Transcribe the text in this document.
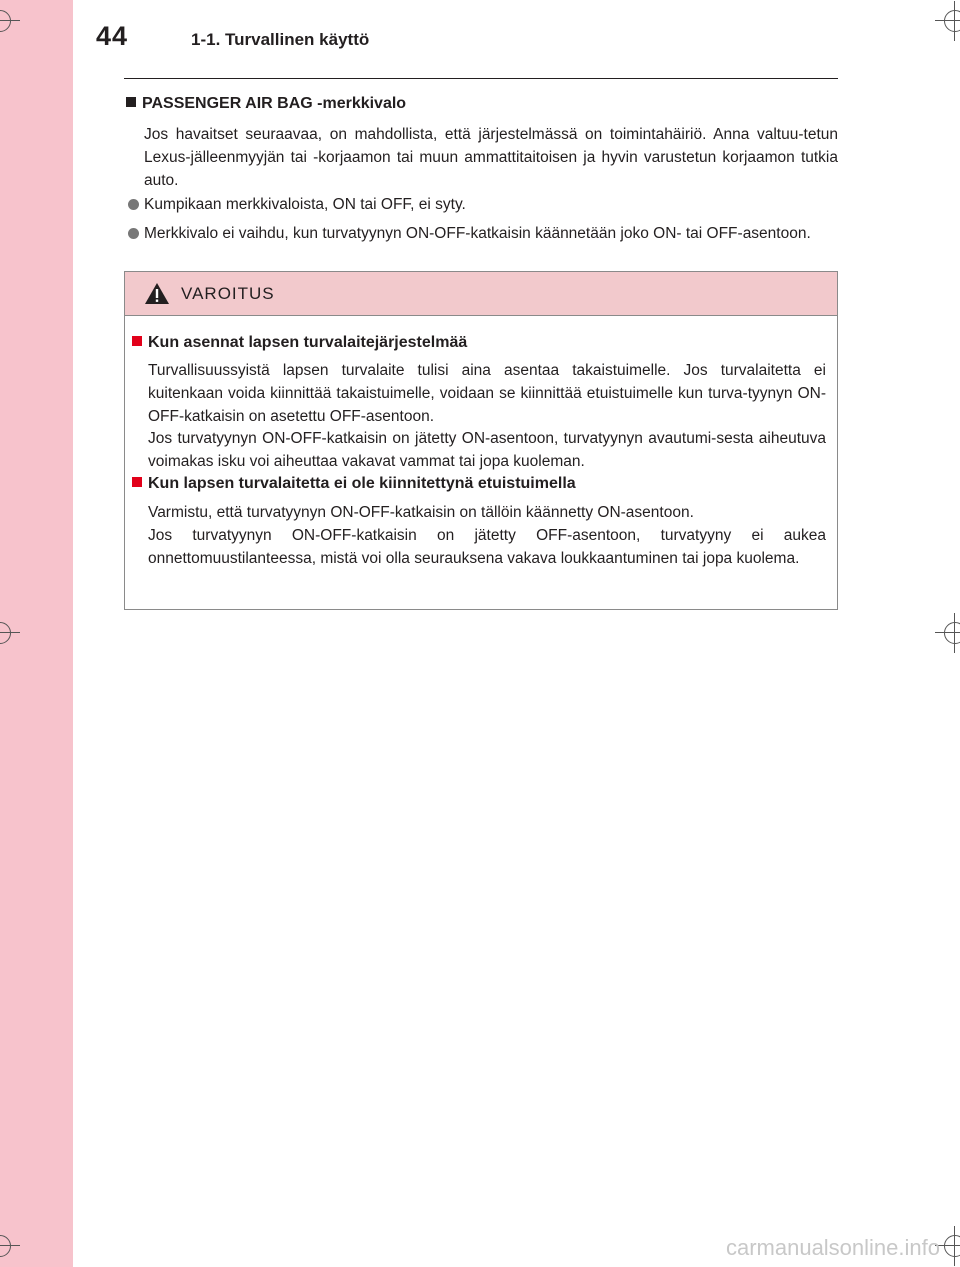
44	1-1. Turvallinen käyttö
PASSENGER AIR BAG -merkkivalo
Jos havaitset seuraavaa, on mahdollista, että järjestelmässä on toimintahäiriö. Anna valtuu-tetun Lexus-jälleenmyyjän tai -korjaamon tai muun ammattitaitoisen ja hyvin varustetun korjaamon tutkia auto.
Kumpikaan merkkivaloista, ON tai OFF, ei syty.
Merkkivalo ei vaihdu, kun turvatyynyn ON-OFF-katkaisin käännetään joko ON- tai OFF-asentoon.
VAROITUS
Kun asennat lapsen turvalaitejärjestelmää
Turvallisuussyistä lapsen turvalaite tulisi aina asentaa takaistuimelle. Jos turvalaitetta ei kuitenkaan voida kiinnittää takaistuimelle, voidaan se kiinnittää etuistuimelle kun turva-tyynyn ON-OFF-katkaisin on asetettu OFF-asentoon.
Jos turvatyynyn ON-OFF-katkaisin on jätetty ON-asentoon, turvatyynyn avautumi-sesta aiheutuva voimakas isku voi aiheuttaa vakavat vammat tai jopa kuoleman.
Kun lapsen turvalaitetta ei ole kiinnitettynä etuistuimella
Varmistu, että turvatyynyn ON-OFF-katkaisin on tällöin käännetty ON-asentoon.
Jos turvatyynyn ON-OFF-katkaisin on jätetty OFF-asentoon, turvatyyny ei aukea onnettomuustilanteessa, mistä voi olla seurauksena vakava loukkaantuminen tai jopa kuolema.
carmanualsonline.info
